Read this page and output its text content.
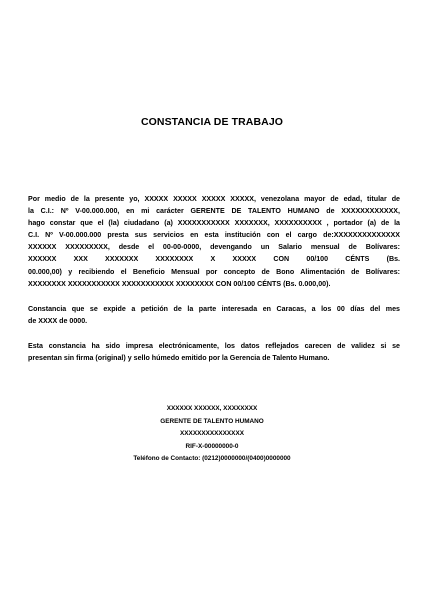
CONSTANCIA DE TRABAJO
Por medio de la presente yo, XXXXX XXXXX XXXXX XXXXX, venezolana mayor de edad, titular de
la C.I.: Nº V-00.000.000, en mi carácter GERENTE DE TALENTO HUMANO de XXXXXXXXXXXX,
hago constar que el (la) ciudadano (a) XXXXXXXXXXX XXXXXXX, XXXXXXXXXX , portador (a) de la
C.I. Nº V-00.000.000 presta sus servicios en esta institución con el cargo de:XXXXXXXXXXXXXX
XXXXXX XXXXXXXXX, desde el 00-00-0000, devengando un Salario mensual de Bolívares:
XXXXXX XXX XXXXXXX XXXXXXXX X XXXXX CON 00/100 CÉNTS (Bs.
00.000,00) y recibiendo el Beneficio Mensual por concepto de Bono Alimentación de Bolívares:
XXXXXXXX XXXXXXXXXXX XXXXXXXXXXX XXXXXXXX CON 00/100 CÉNTS (Bs. 0.000,00).
Constancia que se expide a petición de la parte interesada en Caracas, a los 00 días del mes
de XXXX de 0000.
Esta constancia ha sido impresa electrónicamente, los datos reflejados carecen de validez si se
presentan sin firma (original) y sello húmedo emitido por la Gerencia de Talento Humano.
XXXXXX XXXXXX, XXXXXXXX
GERENTE DE TALENTO HUMANO
XXXXXXXXXXXXXXX
RIF-X-00000000-0
Teléfono de Contacto: (0212)0000000/(0400)0000000
